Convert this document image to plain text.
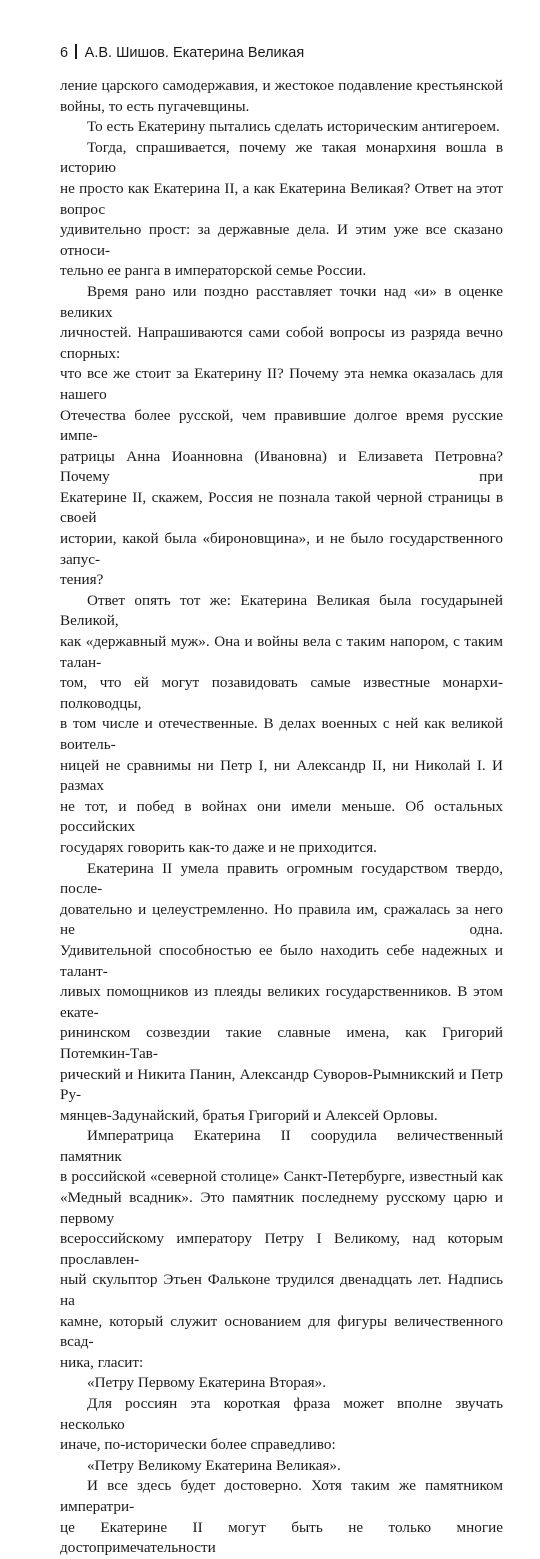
6 А.В. Шишов. Екатерина Великая

ление царского самодержавия, и жестокое подавление крестьянской

войны, то есть пугачевщины.

То есть Екатерину пытались сделать историческим антигероем.

Тогда, спрашивается, почему же такая монархиня вошла в историю

не просто как Екатерина II, а как Екатерина Великая? Ответ на этот вопрос

удивительно прост: за державные дела. И этим уже все сказано относи-

тельно ее ранга в императорской семье России.

Время рано или поздно расставляет точки над «и» в оценке великих

личностей. Напрашиваются сами собой вопросы из разряда вечно спорных:

что все же стоит за Екатерину II? Почему эта немка оказалась для нашего

Отечества более русской, чем правившие долгое время русские импе-

ратрицы Анна Иоанновна (Ивановна) и Елизавета Петровна? Почему при

Екатерине II, скажем, Россия не познала такой черной страницы в своей

истории, какой была «бироновщина», и не было государственного запус-

тения?

Ответ опять тот же: Екатерина Великая была государыней Великой,

как «державный муж». Она и войны вела с таким напором, с таким талан-

том, что ей могут позавидовать самые известные монархи-полководцы,

в том числе и отечественные. В делах военных с ней как великой воитель-

ницей не сравнимы ни Петр I, ни Александр II, ни Николай I. И размах

не тот, и побед в войнах они имели меньше. Об остальных российских

государях говорить как-то даже и не приходится.

Екатерина II умела править огромным государством твердо, после-

довательно и целеустремленно. Но правила им, сражалась за него не одна.

Удивительной способностью ее было находить себе надежных и талант-

ливых помощников из плеяды великих государственников. В этом екате-

рининском созвездии такие славные имена, как Григорий Потемкин-Тав-

рический и Никита Панин, Александр Суворов-Рымникский и Петр Ру-

мянцев-Задунайский, братья Григорий и Алексей Орловы.

Императрица Екатерина II соорудила величественный памятник

в российской «северной столице» Санкт-Петербурге, известный как

«Медный всадник». Это памятник последнему русскому царю и первому

всероссийскому императору Петру I Великому, над которым прославлен-

ный скульптор Этьен Фальконе трудился двенадцать лет. Надпись на

камне, который служит основанием для фигуры величественного всад-

ника, гласит:

«Петру Первому Екатерина Вторая».

Для россиян эта короткая фраза может вполне звучать несколько

иначе, по-исторически более справедливо:

«Петру Великому Екатерина Великая».

И все здесь будет достоверно. Хотя таким же памятником императри-

це Екатерине II могут быть не только многие достопримечательности
